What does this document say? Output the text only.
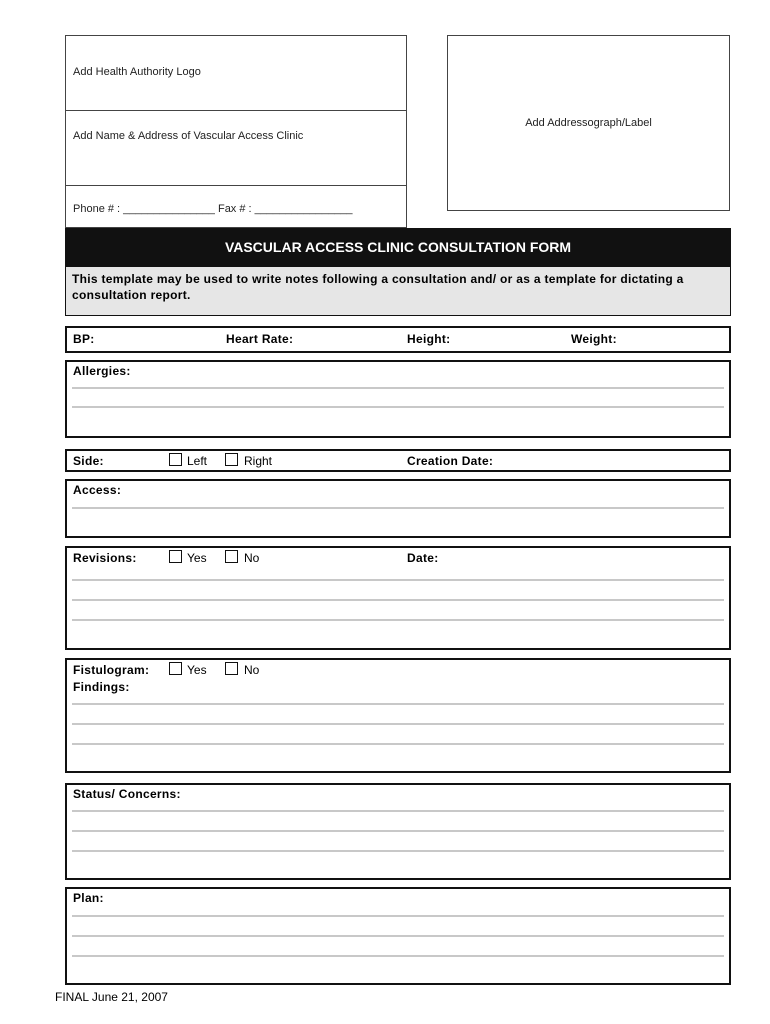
Add Health Authority Logo
Add Name & Address of Vascular Access Clinic
Phone # : _______________ Fax # : ________________
Add Addressograph/Label
VASCULAR ACCESS CLINIC CONSULTATION FORM
This template may be used to write notes following a consultation and/ or as a template for dictating a consultation report.
BP:	Heart Rate:	Height:	Weight:
Allergies:
Side:	Left	Right	Creation Date:
Access:
Revisions:	Yes	No	Date:
Fistulogram:	Yes	No
Findings:
Status/ Concerns:
Plan:
FINAL June 21, 2007
